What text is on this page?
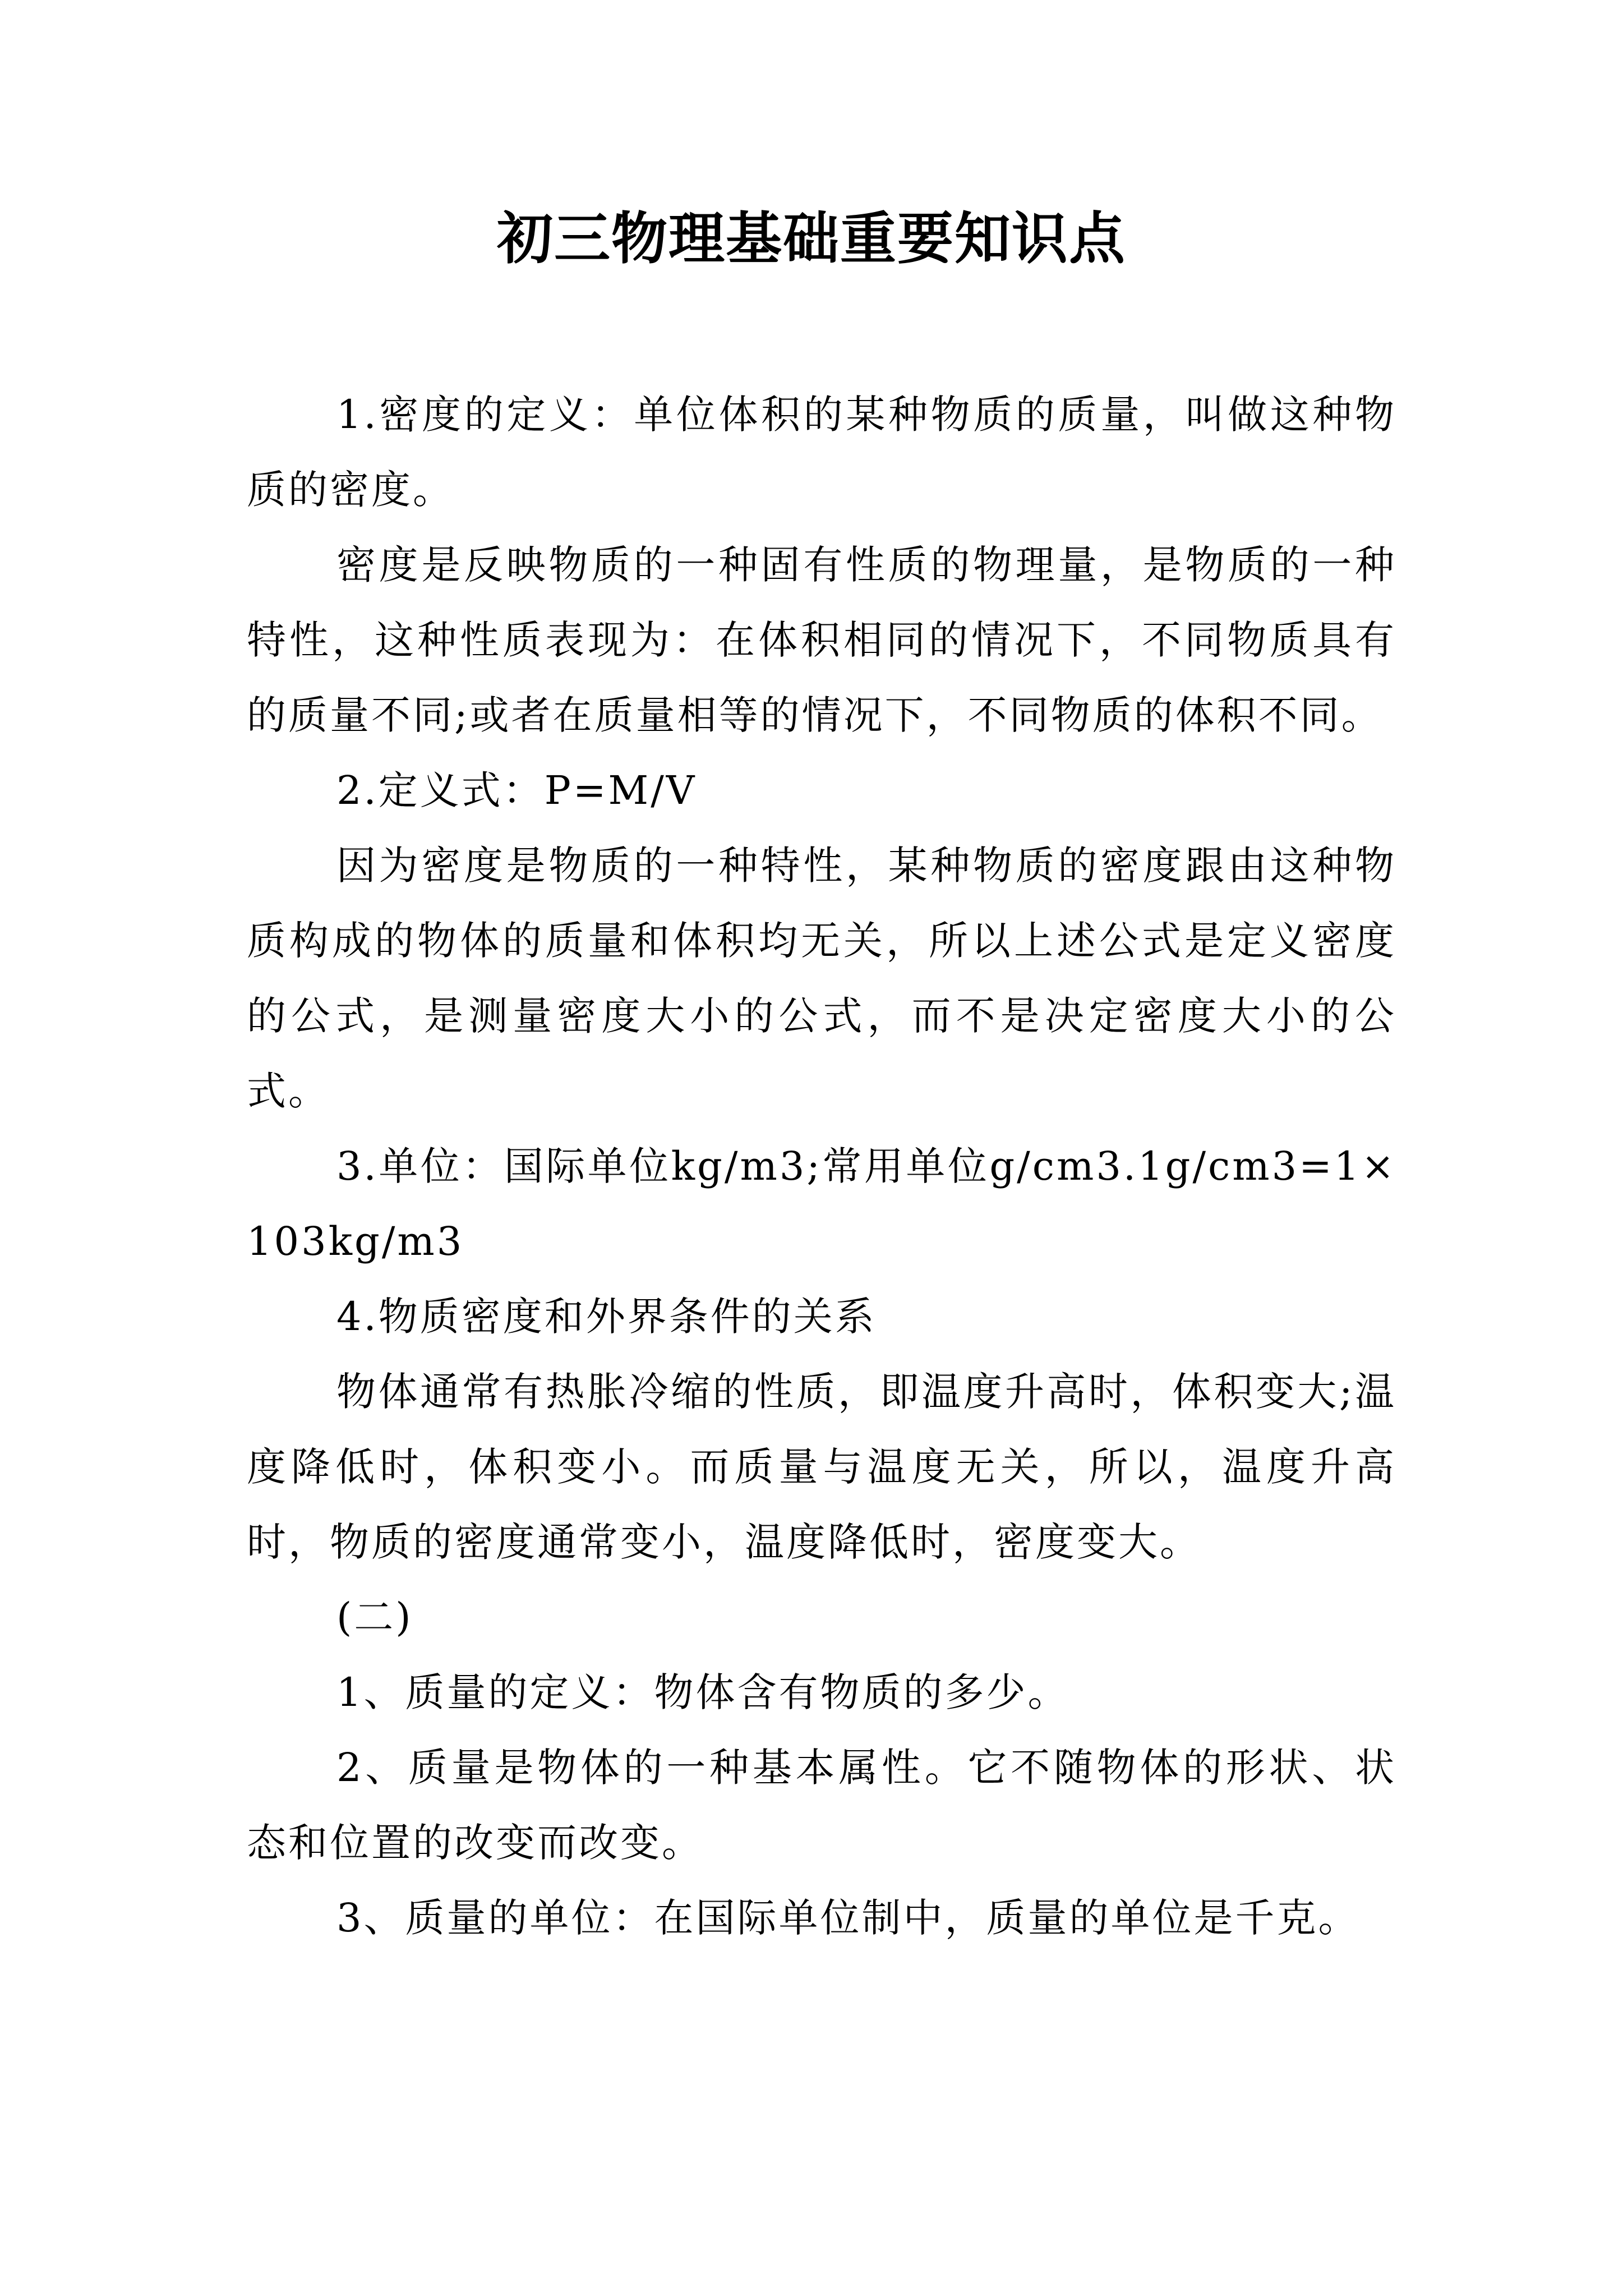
初三物理基础重要知识点

1.密度的定义：单位体积的某种物质的质量，叫做这种物质的密度。

密度是反映物质的一种固有性质的物理量，是物质的一种特性，这种性质表现为：在体积相同的情况下，不同物质具有的质量不同;或者在质量相等的情况下，不同物质的体积不同。

2.定义式：P=M/V

因为密度是物质的一种特性，某种物质的密度跟由这种物质构成的物体的质量和体积均无关，所以上述公式是定义密度的公式，是测量密度大小的公式，而不是决定密度大小的公式。

3.单位：国际单位kg/m3;常用单位g/cm3.1g/cm3=1×103kg/m3

4.物质密度和外界条件的关系

物体通常有热胀冷缩的性质，即温度升高时，体积变大;温度降低时，体积变小。而质量与温度无关，所以，温度升高时，物质的密度通常变小，温度降低时，密度变大。

(二)

1、质量的定义：物体含有物质的多少。

2、质量是物体的一种基本属性。它不随物体的形状、状态和位置的改变而改变。

3、质量的单位：在国际单位制中，质量的单位是千克。
